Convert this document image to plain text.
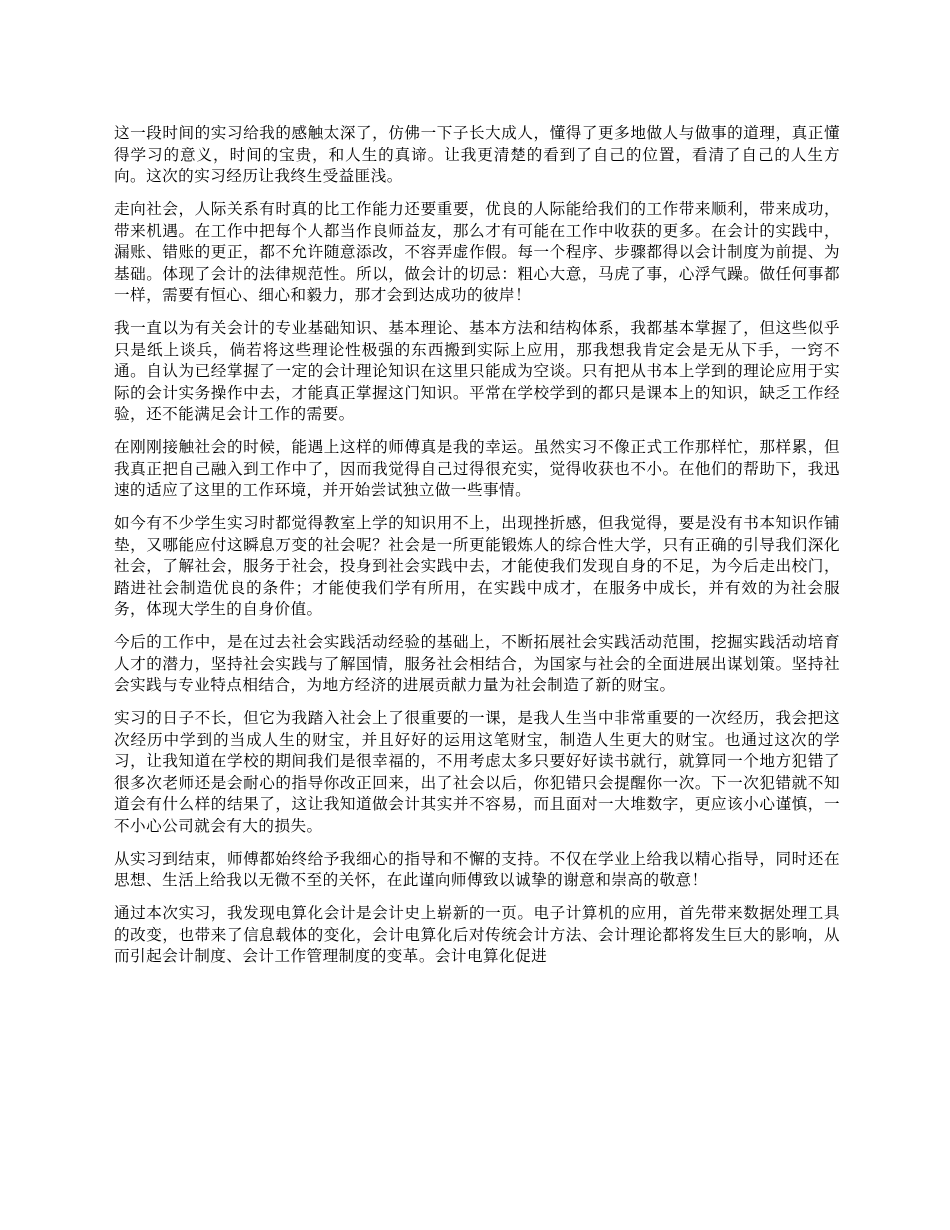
这一段时间的实习给我的感触太深了，仿佛一下子长大成人，懂得了更多地做人与做事的道理，真正懂得学习的意义，时间的宝贵，和人生的真谛。让我更清楚的看到了自己的位置，看清了自己的人生方向。这次的实习经历让我终生受益匪浅。

走向社会，人际关系有时真的比工作能力还要重要，优良的人际能给我们的工作带来顺利，带来成功，带来机遇。在工作中把每个人都当作良师益友，那么才有可能在工作中收获的更多。在会计的实践中，漏账、错账的更正，都不允许随意添改，不容弄虚作假。每一个程序、步骤都得以会计制度为前提、为基础。体现了会计的法律规范性。所以，做会计的切忌：粗心大意，马虎了事，心浮气躁。做任何事都一样，需要有恒心、细心和毅力，那才会到达成功的彼岸！

我一直以为有关会计的专业基础知识、基本理论、基本方法和结构体系，我都基本掌握了，但这些似乎只是纸上谈兵，倘若将这些理论性极强的东西搬到实际上应用，那我想我肯定会是无从下手，一窍不通。自认为已经掌握了一定的会计理论知识在这里只能成为空谈。只有把从书本上学到的理论应用于实际的会计实务操作中去，才能真正掌握这门知识。平常在学校学到的都只是课本上的知识，缺乏工作经验，还不能满足会计工作的需要。

在刚刚接触社会的时候，能遇上这样的师傅真是我的幸运。虽然实习不像正式工作那样忙，那样累，但我真正把自己融入到工作中了，因而我觉得自己过得很充实，觉得收获也不小。在他们的帮助下，我迅速的适应了这里的工作环境，并开始尝试独立做一些事情。

如今有不少学生实习时都觉得教室上学的知识用不上，出现挫折感，但我觉得，要是没有书本知识作铺垫，又哪能应付这瞬息万变的社会呢？社会是一所更能锻炼人的综合性大学，只有正确的引导我们深化社会，了解社会，服务于社会，投身到社会实践中去，才能使我们发现自身的不足，为今后走出校门，踏进社会制造优良的条件；才能使我们学有所用，在实践中成才，在服务中成长，并有效的为社会服务，体现大学生的自身价值。

今后的工作中，是在过去社会实践活动经验的基础上，不断拓展社会实践活动范围，挖掘实践活动培育人才的潜力，坚持社会实践与了解国情，服务社会相结合，为国家与社会的全面进展出谋划策。坚持社会实践与专业特点相结合，为地方经济的进展贡献力量为社会制造了新的财宝。

实习的日子不长，但它为我踏入社会上了很重要的一课，是我人生当中非常重要的一次经历，我会把这次经历中学到的当成人生的财宝，并且好好的运用这笔财宝，制造人生更大的财宝。也通过这次的学习，让我知道在学校的期间我们是很幸福的，不用考虑太多只要好好读书就行，就算同一个地方犯错了很多次老师还是会耐心的指导你改正回来，出了社会以后，你犯错只会提醒你一次。下一次犯错就不知道会有什么样的结果了，这让我知道做会计其实并不容易，而且面对一大堆数字，更应该小心谨慎，一不小心公司就会有大的损失。

从实习到结束，师傅都始终给予我细心的指导和不懈的支持。不仅在学业上给我以精心指导，同时还在思想、生活上给我以无微不至的关怀，在此谨向师傅致以诚挚的谢意和崇高的敬意！

通过本次实习，我发现电算化会计是会计史上崭新的一页。电子计算机的应用，首先带来数据处理工具的改变，也带来了信息载体的变化，会计电算化后对传统会计方法、会计理论都将发生巨大的影响，从而引起会计制度、会计工作管理制度的变革。会计电算化促进
